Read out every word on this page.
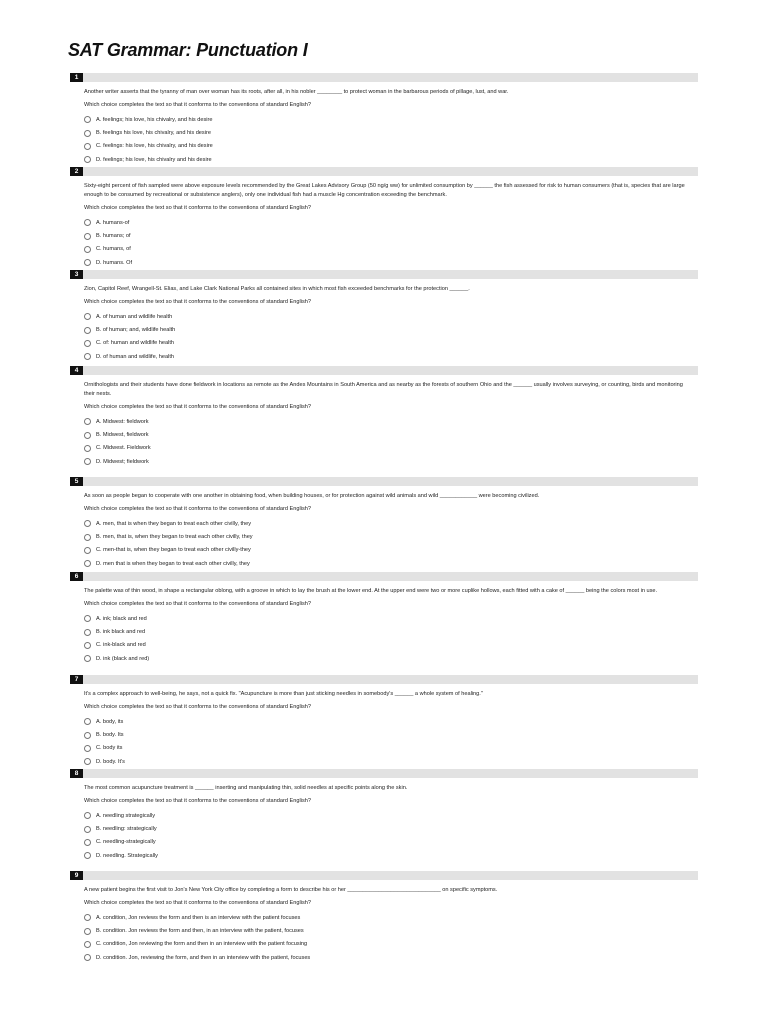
SAT Grammar: Punctuation I
1

Another writer asserts that the tyranny of man over woman has its roots, after all, in his nobler ________ to protect woman in the barbarous periods of pillage, lust, and war.

Which choice completes the text so that it conforms to the conventions of standard English?

A. feelings; his love, his chivalry, and his desire
B. feelings his love, his chivalry, and his desire
C. feelings: his love, his chivalry, and his desire
D. feelings; his love, his chivalry and his desire
2

Sixty-eight percent of fish sampled were above exposure levels recommended by the Great Lakes Advisory Group (50 ng/g ww) for unlimited consumption by ______ the fish assessed for risk to human consumers (that is, species that are large enough to be consumed by recreational or subsistence anglers), only one individual fish had a muscle Hg concentration exceeding the benchmark.

Which choice completes the text so that it conforms to the conventions of standard English?

A. humans-of
B. humans; of
C. humans, of
D. humans. Of
3

Zion, Capitol Reef, Wrangell-St. Elias, and Lake Clark National Parks all contained sites in which most fish exceeded benchmarks for the protection ______.

Which choice completes the text so that it conforms to the conventions of standard English?

A. of human and wildlife health
B. of human; and, wildlife health
C. of: human and wildlife health
D. of human and wildlife, health
4

Ornithologists and their students have done fieldwork in locations as remote as the Andes Mountains in South America and as nearby as the forests of southern Ohio and the ______ usually involves surveying, or counting, birds and monitoring their nests.

Which choice completes the text so that it conforms to the conventions of standard English?

A. Midwest: fieldwork
B. Midwest, fieldwork
C. Midwest. Fieldwork
D. Midwest; fieldwork
5

As soon as people began to cooperate with one another in obtaining food, when building houses, or for protection against wild animals and wild ____________ were becoming civilized.

Which choice completes the text so that it conforms to the conventions of standard English?

A. men, that is when they began to treat each other civilly, they
B. men, that is, when they began to treat each other civilly, they
C. men-that is, when they began to treat each other civilly-they
D. men that is when they began to treat each other civilly, they
6

The palette was of thin wood, in shape a rectangular oblong, with a groove in which to lay the brush at the lower end. At the upper end were two or more cuplike hollows, each fitted with a cake of ______ being the colors most in use.

Which choice completes the text so that it conforms to the conventions of standard English?

A. ink; black and red
B. ink black and red
C. ink-black and red
D. ink (black and red)
7

It's a complex approach to well-being, he says, not a quick fix. "Acupuncture is more than just sticking needles in somebody's ______ a whole system of healing."

Which choice completes the text so that it conforms to the conventions of standard English?

A. body, its
B. body. Its
C. body its
D. body. It's
8

The most common acupuncture treatment is ______ inserting and manipulating thin, solid needles at specific points along the skin.

Which choice completes the text so that it conforms to the conventions of standard English?

A. needling strategically
B. needling: strategically
C. needling-strategically
D. needling. Strategically
9

A new patient begins the first visit to Jon's New York City office by completing a form to describe his or her ______________________________ on specific symptoms.

Which choice completes the text so that it conforms to the conventions of standard English?

A. condition, Jon reviews the form and then is an interview with the patient focuses
B. condition. Jon reviews the form and then, in an interview with the patient, focuses
C. condition, Jon reviewing the form and then in an interview with the patient focusing
D. condition. Jon, reviewing the form, and then in an interview with the patient, focuses
